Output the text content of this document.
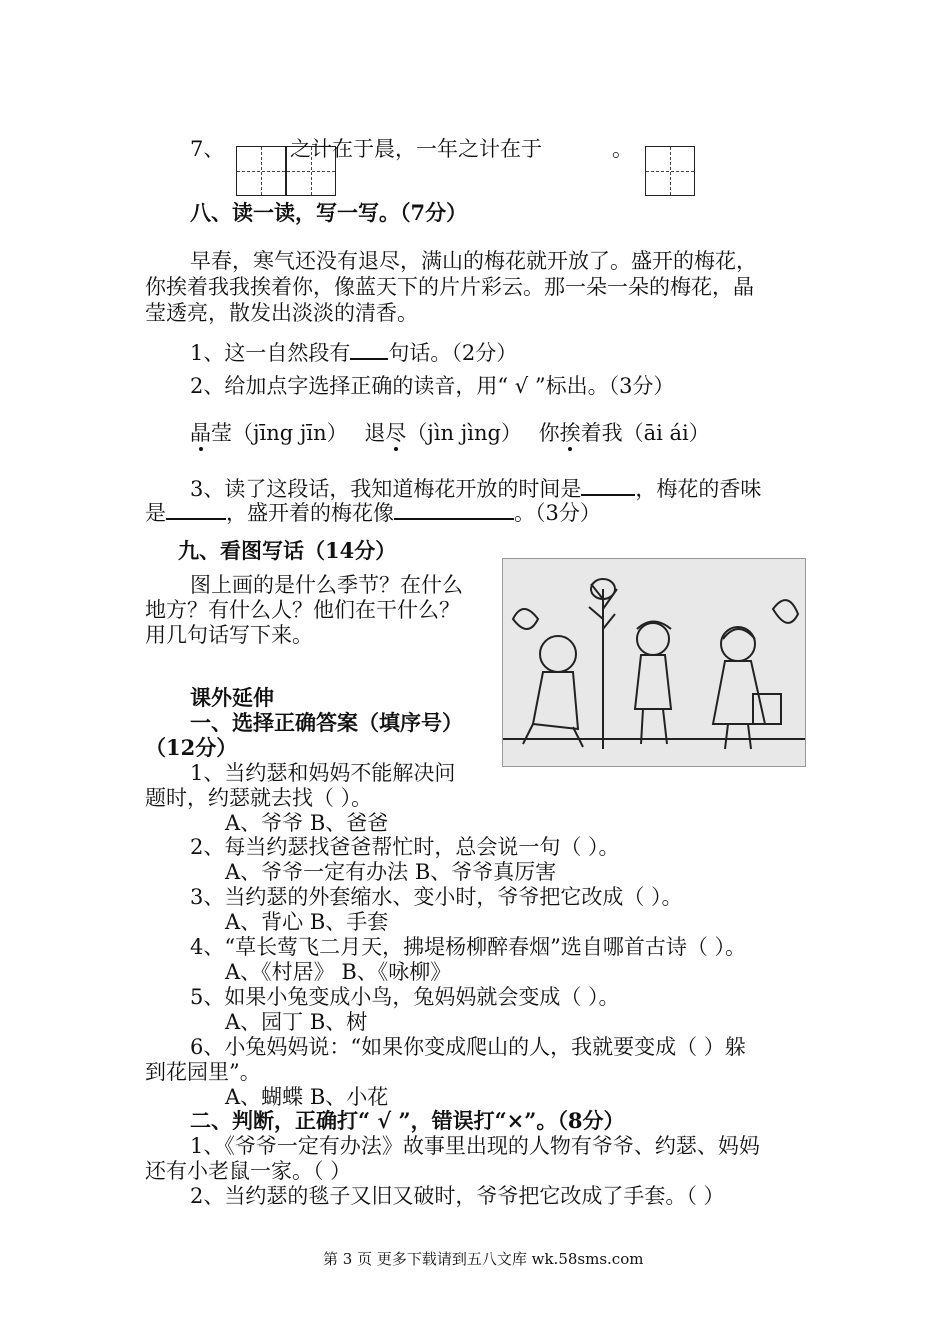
7、	之计在于晨，一年之计在于	。
八、读一读，写一写。（7分）
早春，寒气还没有退尽，满山的梅花就开放了。盛开的梅花，
你挨着我我挨着你，像蓝天下的片片彩云。那一朵一朵的梅花，晶
莹透亮，散发出淡淡的清香。
1、这一自然段有 句话。（2分）
2、给加点字选择正确的读音，用“ √ ”标出。（3分）
晶莹（jīng jīn） 退尽（jìn jìng） 你挨着我（āi ái）
3、读了这段话，我知道梅花开放的时间是	，梅花的香味
是	，盛开着的梅花像	。（3分）
九、看图写话（14分）
图上画的是什么季节？在什么
地方？有什么人？他们在干什么？
用几句话写下来。
课外延伸
一、选择正确答案（填序号）
（12分）
1、当约瑟和妈妈不能解决问
题时，约瑟就去找（ ）。
A、爷爷 B、爸爸
2、每当约瑟找爸爸帮忙时，总会说一句（ ）。
A、爷爷一定有办法 B、爷爷真厉害
3、当约瑟的外套缩水、变小时，爷爷把它改成（ ）。
A、背心 B、手套
4、“草长莺飞二月天，拂堤杨柳醉春烟”选自哪首古诗（ ）。
A、《村居》 B、《咏柳》
5、如果小兔变成小鸟，兔妈妈就会变成（ ）。
A、园丁 B、树
6、小兔妈妈说：“如果你变成爬山的人，我就要变成（ ）躲
到花园里”。
A、蝴蝶 B、小花
二、判断，正确打“ √ ”，错误打“×”。（8分）
1、《爷爷一定有办法》故事里出现的人物有爷爷、约瑟、妈妈
还有小老鼠一家。（ ）
2、当约瑟的毯子又旧又破时，爷爷把它改成了手套。（ ）
第 3 页 更多下载请到五八文库 wk.58sms.com
